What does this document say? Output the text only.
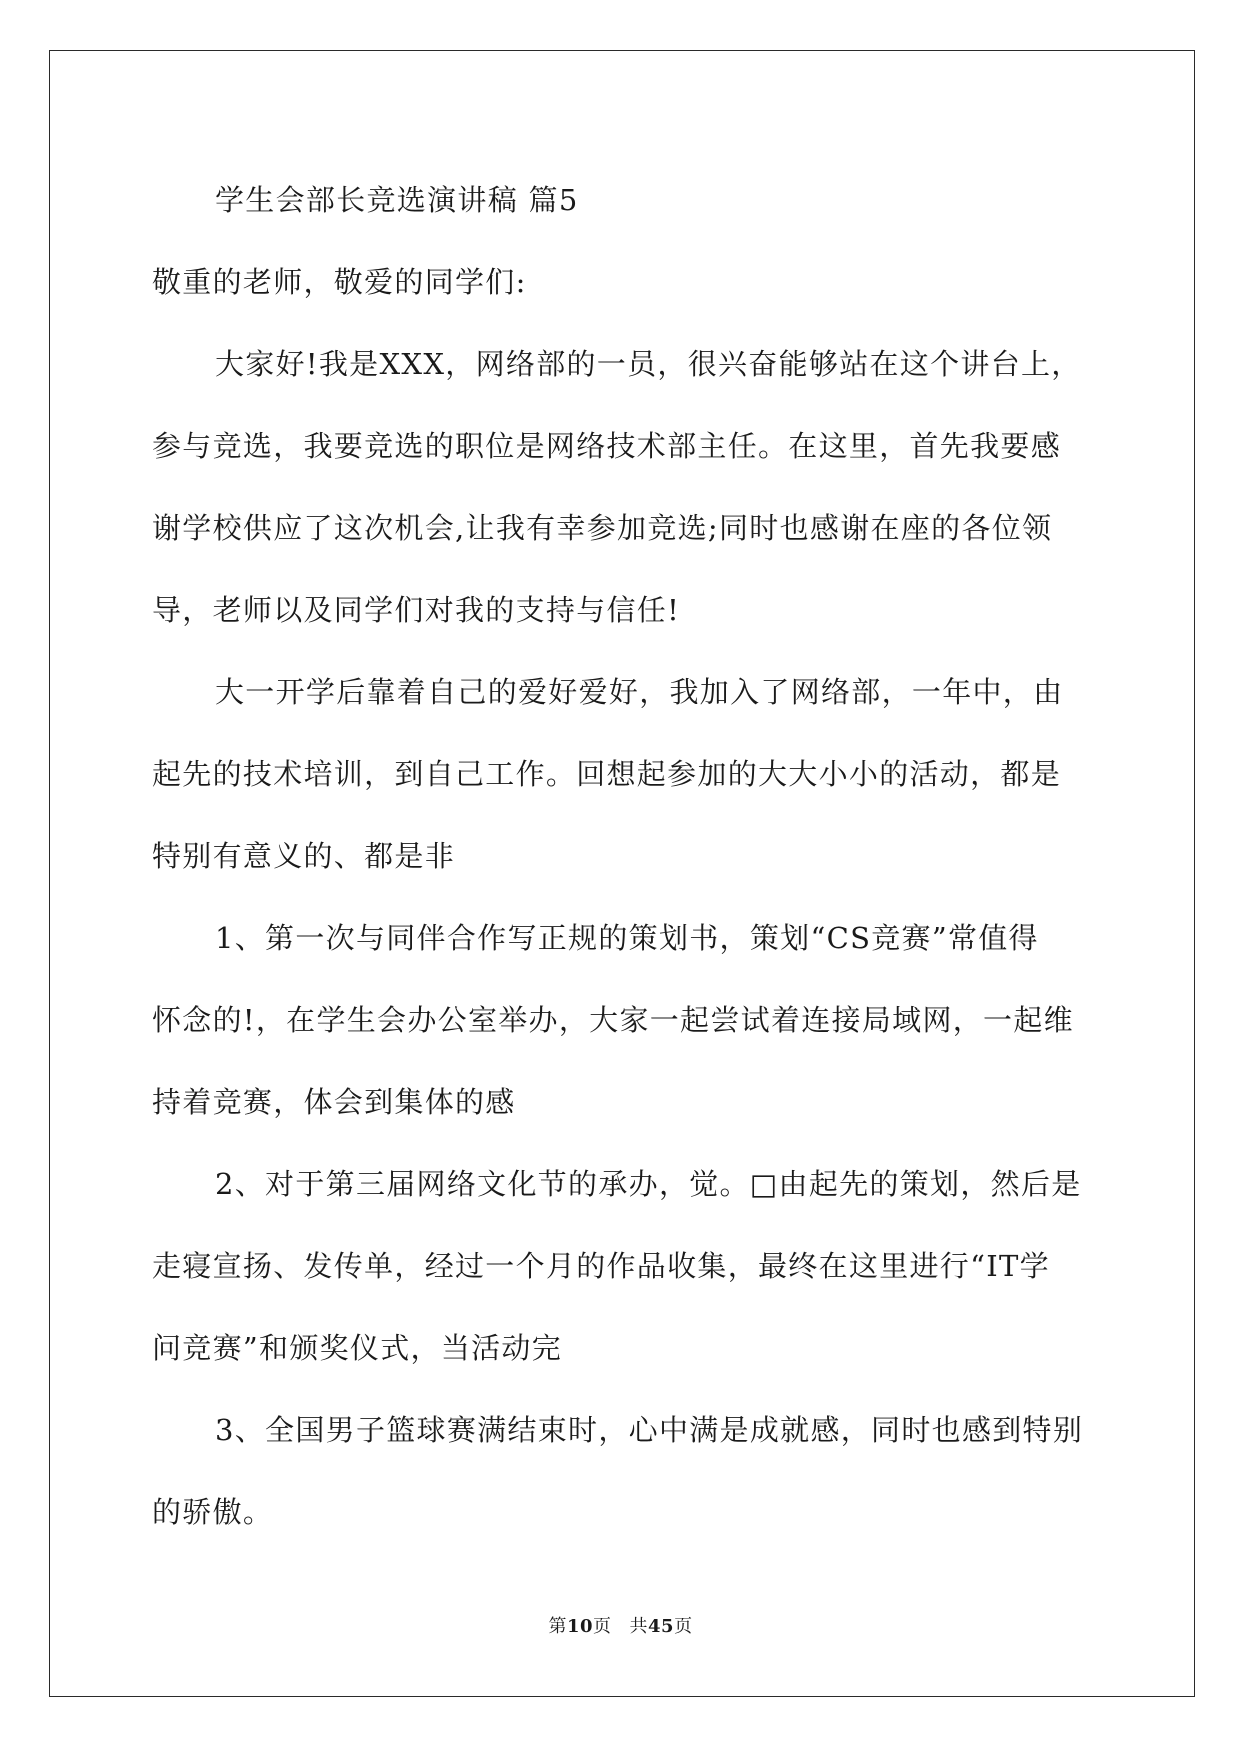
学生会部长竞选演讲稿 篇5

敬重的老师，敬爱的同学们:

大家好!我是XXX，网络部的一员，很兴奋能够站在这个讲台上，

参与竞选，我要竞选的职位是网络技术部主任。在这里，首先我要感

谢学校供应了这次机会,让我有幸参加竞选;同时也感谢在座的各位领

导，老师以及同学们对我的支持与信任!

大一开学后靠着自己的爱好爱好，我加入了网络部，一年中，由

起先的技术培训，到自己工作。回想起参加的大大小小的活动，都是

特别有意义的、都是非

1、第一次与同伴合作写正规的策划书，策划“CS竞赛”常值得

怀念的!，在学生会办公室举办，大家一起尝试着连接局域网，一起维

持着竞赛，体会到集体的感

2、对于第三届网络文化节的承办，觉。□由起先的策划，然后是

走寝宣扬、发传单，经过一个月的作品收集，最终在这里进行“IT学

问竞赛”和颁奖仪式，当活动完

3、全国男子篮球赛满结束时，心中满是成就感，同时也感到特别

的骄傲。

第10页 共45页
